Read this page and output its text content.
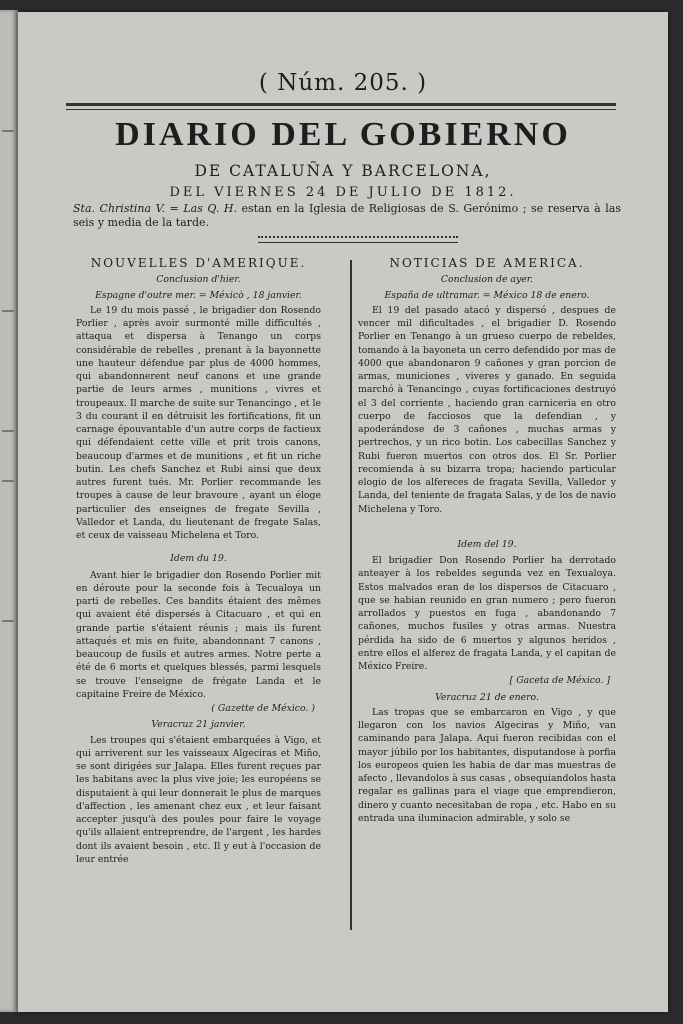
( Núm. 205. )
DIARIO DEL GOBIERNO
DE CATALUÑA Y BARCELONA,
DEL VIERNES 24 DE JULIO DE 1812.
Sta. Christina V. = Las Q. H. estan en la Iglesia de Religiosas de S. Gerónimo ; se reserva à las seis y media de la tarde.
NOUVELLES D'AMERIQUE.
Conclusion d'hier.
Espagne d'outre mer. = Méxicò , 18 janvier.

Le 19 du mois passé , le brigadier don Rosendo Porlier , après avoir surmonté mille difficultés , attaqua et dispersa à Tenango un corps considérable de rebelles , prenant à la bayonnette une hauteur défendue par plus de 4000 hommes, qui abandonnerent neuf canons et une grande partie de leurs armes , munitions , vivres et troupeaux. Il marche de suite sur Tenancingo , et le 3 du courant il en détruisit les fortifications, fit un carnage épouvantable d'un autre corps de factieux qui défendaient cette ville et prit trois canons, beaucoup d'armes et de munitions , et fit un riche butin. Les chefs Sanchez et Rubi ainsi que deux autres furent tués. Mr. Porlier recommande les troupes à cause de leur bravoure , ayant un éloge particulier des enseignes de fregate Sevilla , Valledor et Landa, du lieutenant de fregate Salas, et ceux de vaisseau Michelena et Toro.

Idem du 19.

Avant hier le brigadier don Rosendo Porlier mit en déroute pour la seconde fois à Tecualoya un parti de rebelles. Ces bandits étaient des mêmes qui avaient été dispersés à Citacuaro , et qui en grande partie s'étaient réunis ; mais ils furent attaqués et mis en fuite, abandonnant 7 canons , beaucoup de fusils et autres armes. Notre perte a été de 6 morts et quelques blessés, parmi lesquels se trouve l'enseigne de frégate Landa et le capitaine Freire de México.

( Gazette de México. )
Veracruz 21 janvier.

Les troupes qui s'étaient embarquées à Vigo, et qui arriverent sur les vaisseaux Algeciras et Miño, se sont dirigées sur Jalapa. Elles furent reçues par les habitans avec la plus vive joie; les européens se disputaient à qui leur donnerait le plus de marques d'affection , les amenant chez eux , et leur faisant accepter jusqu'à des poules pour faire le voyage qu'ils allaient entreprendre, de l'argent , les hardes dont ils avaient besoin , etc. Il y eut à l'occasion de leur entrée

NOTICIAS DE AMERICA.
Conclusion de ayer.
España de ultramar. = México 18 de enero.

El 19 del pasado atacó y dispersó , despues de vencer mil dificultades , el brigadier D. Rosendo Porlier en Tenango à un grueso cuerpo de rebeldes, tomando à la bayoneta un cerro defendido por mas de 4000 que abandonaron 9 cañones y gran porcion de armas, municiones , viveres y ganado. En seguida marchó à Tenancingo , cuyas fortificaciones destruyó el 3 del corriente , haciendo gran carniceria en otro cuerpo de facciosos que la defendian , y apoderándose de 3 cañones , muchas armas y pertrechos, y un rico botin. Los cabecillas Sanchez y Rubi fueron muertos con otros dos. El Sr. Porlier recomienda à su bizarra tropa; haciendo particular elogio de los alfereces de fragata Sevilla, Valledor y Landa, del teniente de fragata Salas, y de los de navio Michelena y Toro.

Idem del 19.

El brigadier Don Rosendo Porlier ha derrotado anteayer à los rebeldes segunda vez en Texualoya. Estos malvados eran de los dispersos de Citacuaro , que se habian reunido en gran numero ; pero fueron arrollados y puestos en fuga , abandonando 7 cañones, muchos fusiles y otras armas. Nuestra pérdida ha sido de 6 muertos y algunos heridos , entre ellos el alferez de fragata Landa, y el capitan de México Freire.

[ Gaceta de México. ]
Veracruz 21 de enero.

Las tropas que se embarcaron en Vigo , y que llegaron con los navios Algeciras y Miño, van caminando para Jalapa. Aqui fueron recibidas con el mayor júbilo por los habitantes, disputandose à porfia los europeos quien les habia de dar mas muestras de afecto , llevandolos à sus casas , obsequiandolos hasta regalar es gallinas para el viage que emprendieron, dinero y cuanto necesitaban de ropa , etc. Habo en su entrada una iluminacion admirable, y solo se
